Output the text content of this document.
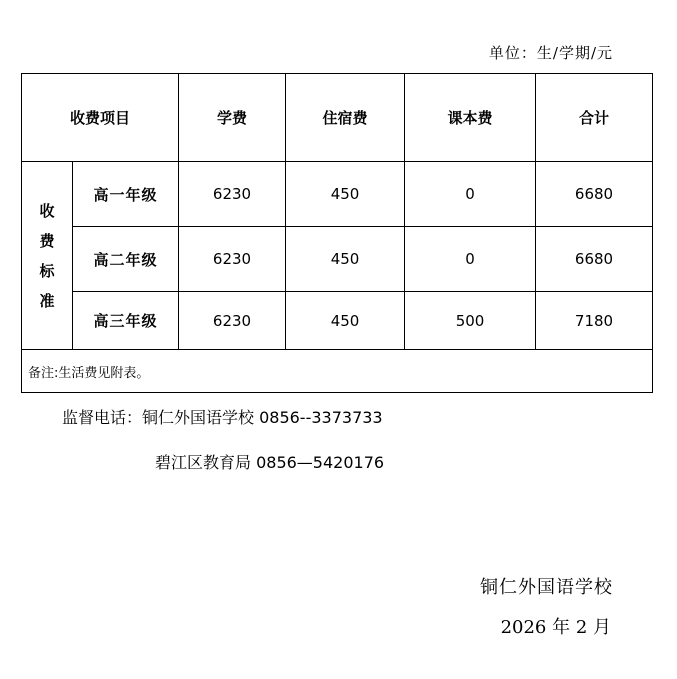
单位：生/学期/元
收费项目		学费	住宿费	课本费	合计
收费标准	高一年级	6230	450	0	6680
	高二年级	6230	450	0	6680
	高三年级	6230	450	500	7180
备注:生活费见附表。					
监督电话：铜仁外国语学校 0856--3373733
碧江区教育局 0856—5420176
铜仁外国语学校
2026 年 2 月
